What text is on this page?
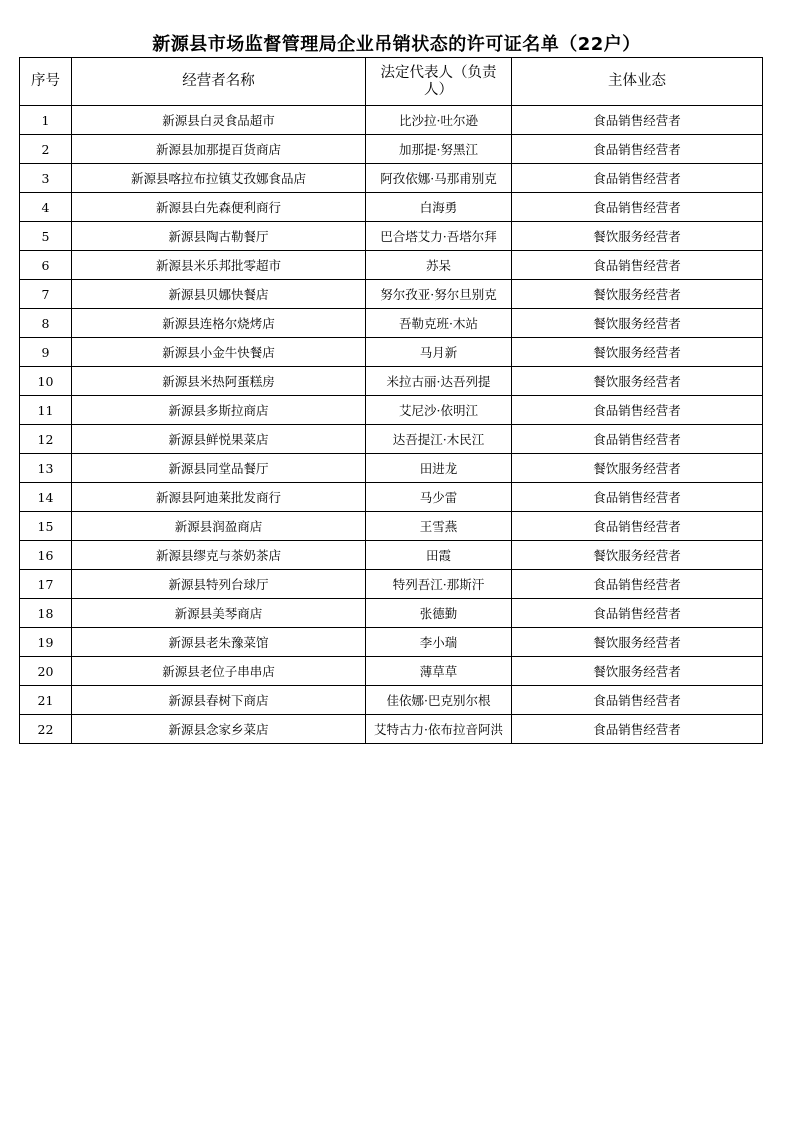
新源县市场监督管理局企业吊销状态的许可证名单（22户）
序号	经营者名称	法定代表人（负责人）	主体业态
1	新源县白灵食品超市	比沙拉·吐尔逊	食品销售经营者
2	新源县加那提百货商店	加那提·努黑江	食品销售经营者
3	新源县喀拉布拉镇艾孜娜食品店	阿孜依娜·马那甫别克	食品销售经营者
4	新源县白先森便利商行	白海勇	食品销售经营者
5	新源县陶古勒餐厅	巴合塔艾力·吾塔尔拜	餐饮服务经营者
6	新源县米乐邦批零超市	苏呆	食品销售经营者
7	新源县贝娜快餐店	努尔孜亚·努尔旦别克	餐饮服务经营者
8	新源县连格尔烧烤店	吾勒克班·木站	餐饮服务经营者
9	新源县小金牛快餐店	马月新	餐饮服务经营者
10	新源县米热阿蛋糕房	米拉古丽·达吾列提	餐饮服务经营者
11	新源县多斯拉商店	艾尼沙·依明江	食品销售经营者
12	新源县鲜悦果菜店	达吾提江·木民江	食品销售经营者
13	新源县同堂品餐厅	田进龙	餐饮服务经营者
14	新源县阿迪莱批发商行	马少雷	食品销售经营者
15	新源县润盈商店	王雪燕	食品销售经营者
16	新源县缪克与茶奶茶店	田霞	餐饮服务经营者
17	新源县特列台球厅	特列吾江·那斯汗	食品销售经营者
18	新源县美琴商店	张德勤	食品销售经营者
19	新源县老朱豫菜馆	李小瑞	餐饮服务经营者
20	新源县老位子串串店	薄草草	餐饮服务经营者
21	新源县春树下商店	佳依娜·巴克别尔根	食品销售经营者
22	新源县念家乡菜店	艾特古力·依布拉音阿洪	食品销售经营者
